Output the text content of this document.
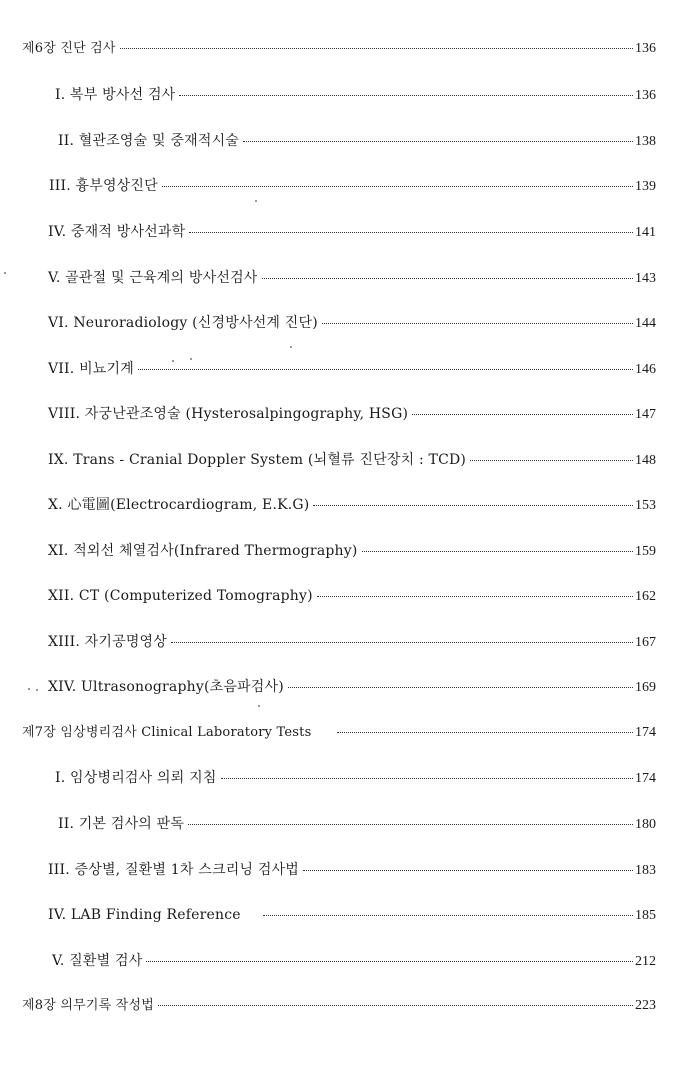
제6장 진단 검사	136
I. 복부 방사선 검사	136
II. 혈관조영술 및 중재적시술	138
III. 흉부영상진단	139
IV. 중재적 방사선과학	141
V. 골관절 및 근육계의 방사선검사	143
VI. Neuroradiology (신경방사선계 진단)	144
VII. 비뇨기계	146
VIII. 자궁난관조영술 (Hysterosalpingography, HSG)	147
IX. Trans - Cranial Doppler System (뇌혈류 진단장치 : TCD)	148
X. 心電圖(Electrocardiogram, E.K.G)	153
XI. 적외선 체열검사(Infrared Thermography)	159
XII. CT (Computerized Tomography)	162
XIII. 자기공명영상	167
XIV. Ultrasonography(초음파검사)	169
제7장 임상병리검사 Clinical Laboratory Tests	174
I. 임상병리검사 의뢰 지침	174
II. 기본 검사의 판독	180
III. 증상별, 질환별 1차 스크리닝 검사법	183
IV. LAB Finding Reference	185
V. 질환별 검사	212
제8장 의무기록 작성법	223
